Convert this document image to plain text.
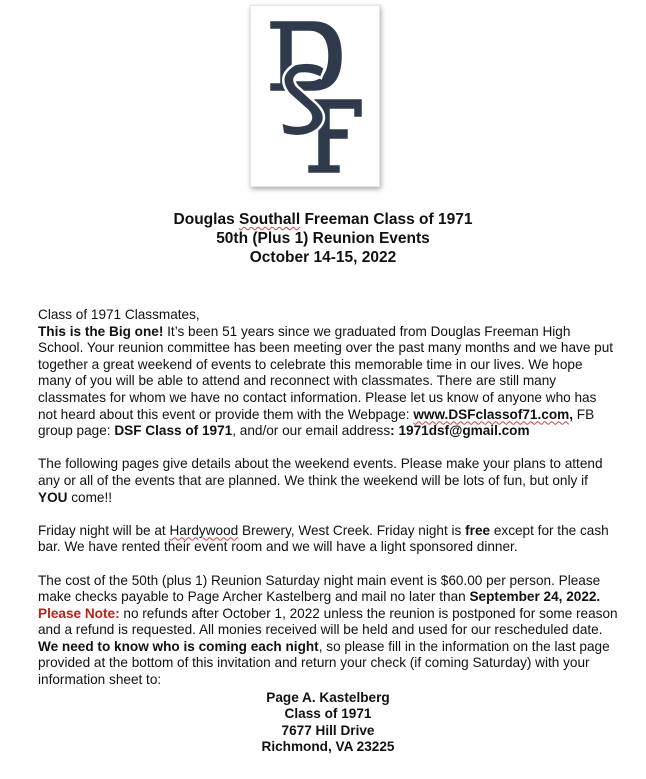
Douglas Southall Freeman Class of 1971
50th (Plus 1) Reunion Events
October 14-15, 2022

Class of 1971 Classmates,

This is the Big one! It’s been 51 years since we graduated from Douglas Freeman High School. Your reunion committee has been meeting over the past many months and we have put together a great weekend of events to celebrate this memorable time in our lives. We hope many of you will be able to attend and reconnect with classmates. There are still many classmates for whom we have no contact information. Please let us know of anyone who has not heard about this event or provide them with the Webpage: www.DSFclassof71.com, FB group page: DSF Class of 1971, and/or our email address: 1971dsf@gmail.com

The following pages give details about the weekend events. Please make your plans to attend any or all of the events that are planned. We think the weekend will be lots of fun, but only if YOU come!!

Friday night will be at Hardywood Brewery, West Creek. Friday night is free except for the cash bar. We have rented their event room and we will have a light sponsored dinner.

The cost of the 50th (plus 1) Reunion Saturday night main event is $60.00 per person. Please make checks payable to Page Archer Kastelberg and mail no later than September 24, 2022. Please Note: no refunds after October 1, 2022 unless the reunion is postponed for some reason and a refund is requested. All monies received will be held and used for our rescheduled date.

We need to know who is coming each night, so please fill in the information on the last page provided at the bottom of this invitation and return your check (if coming Saturday) with your information sheet to:

Page A. Kastelberg
Class of 1971
7677 Hill Drive
Richmond, VA 23225
